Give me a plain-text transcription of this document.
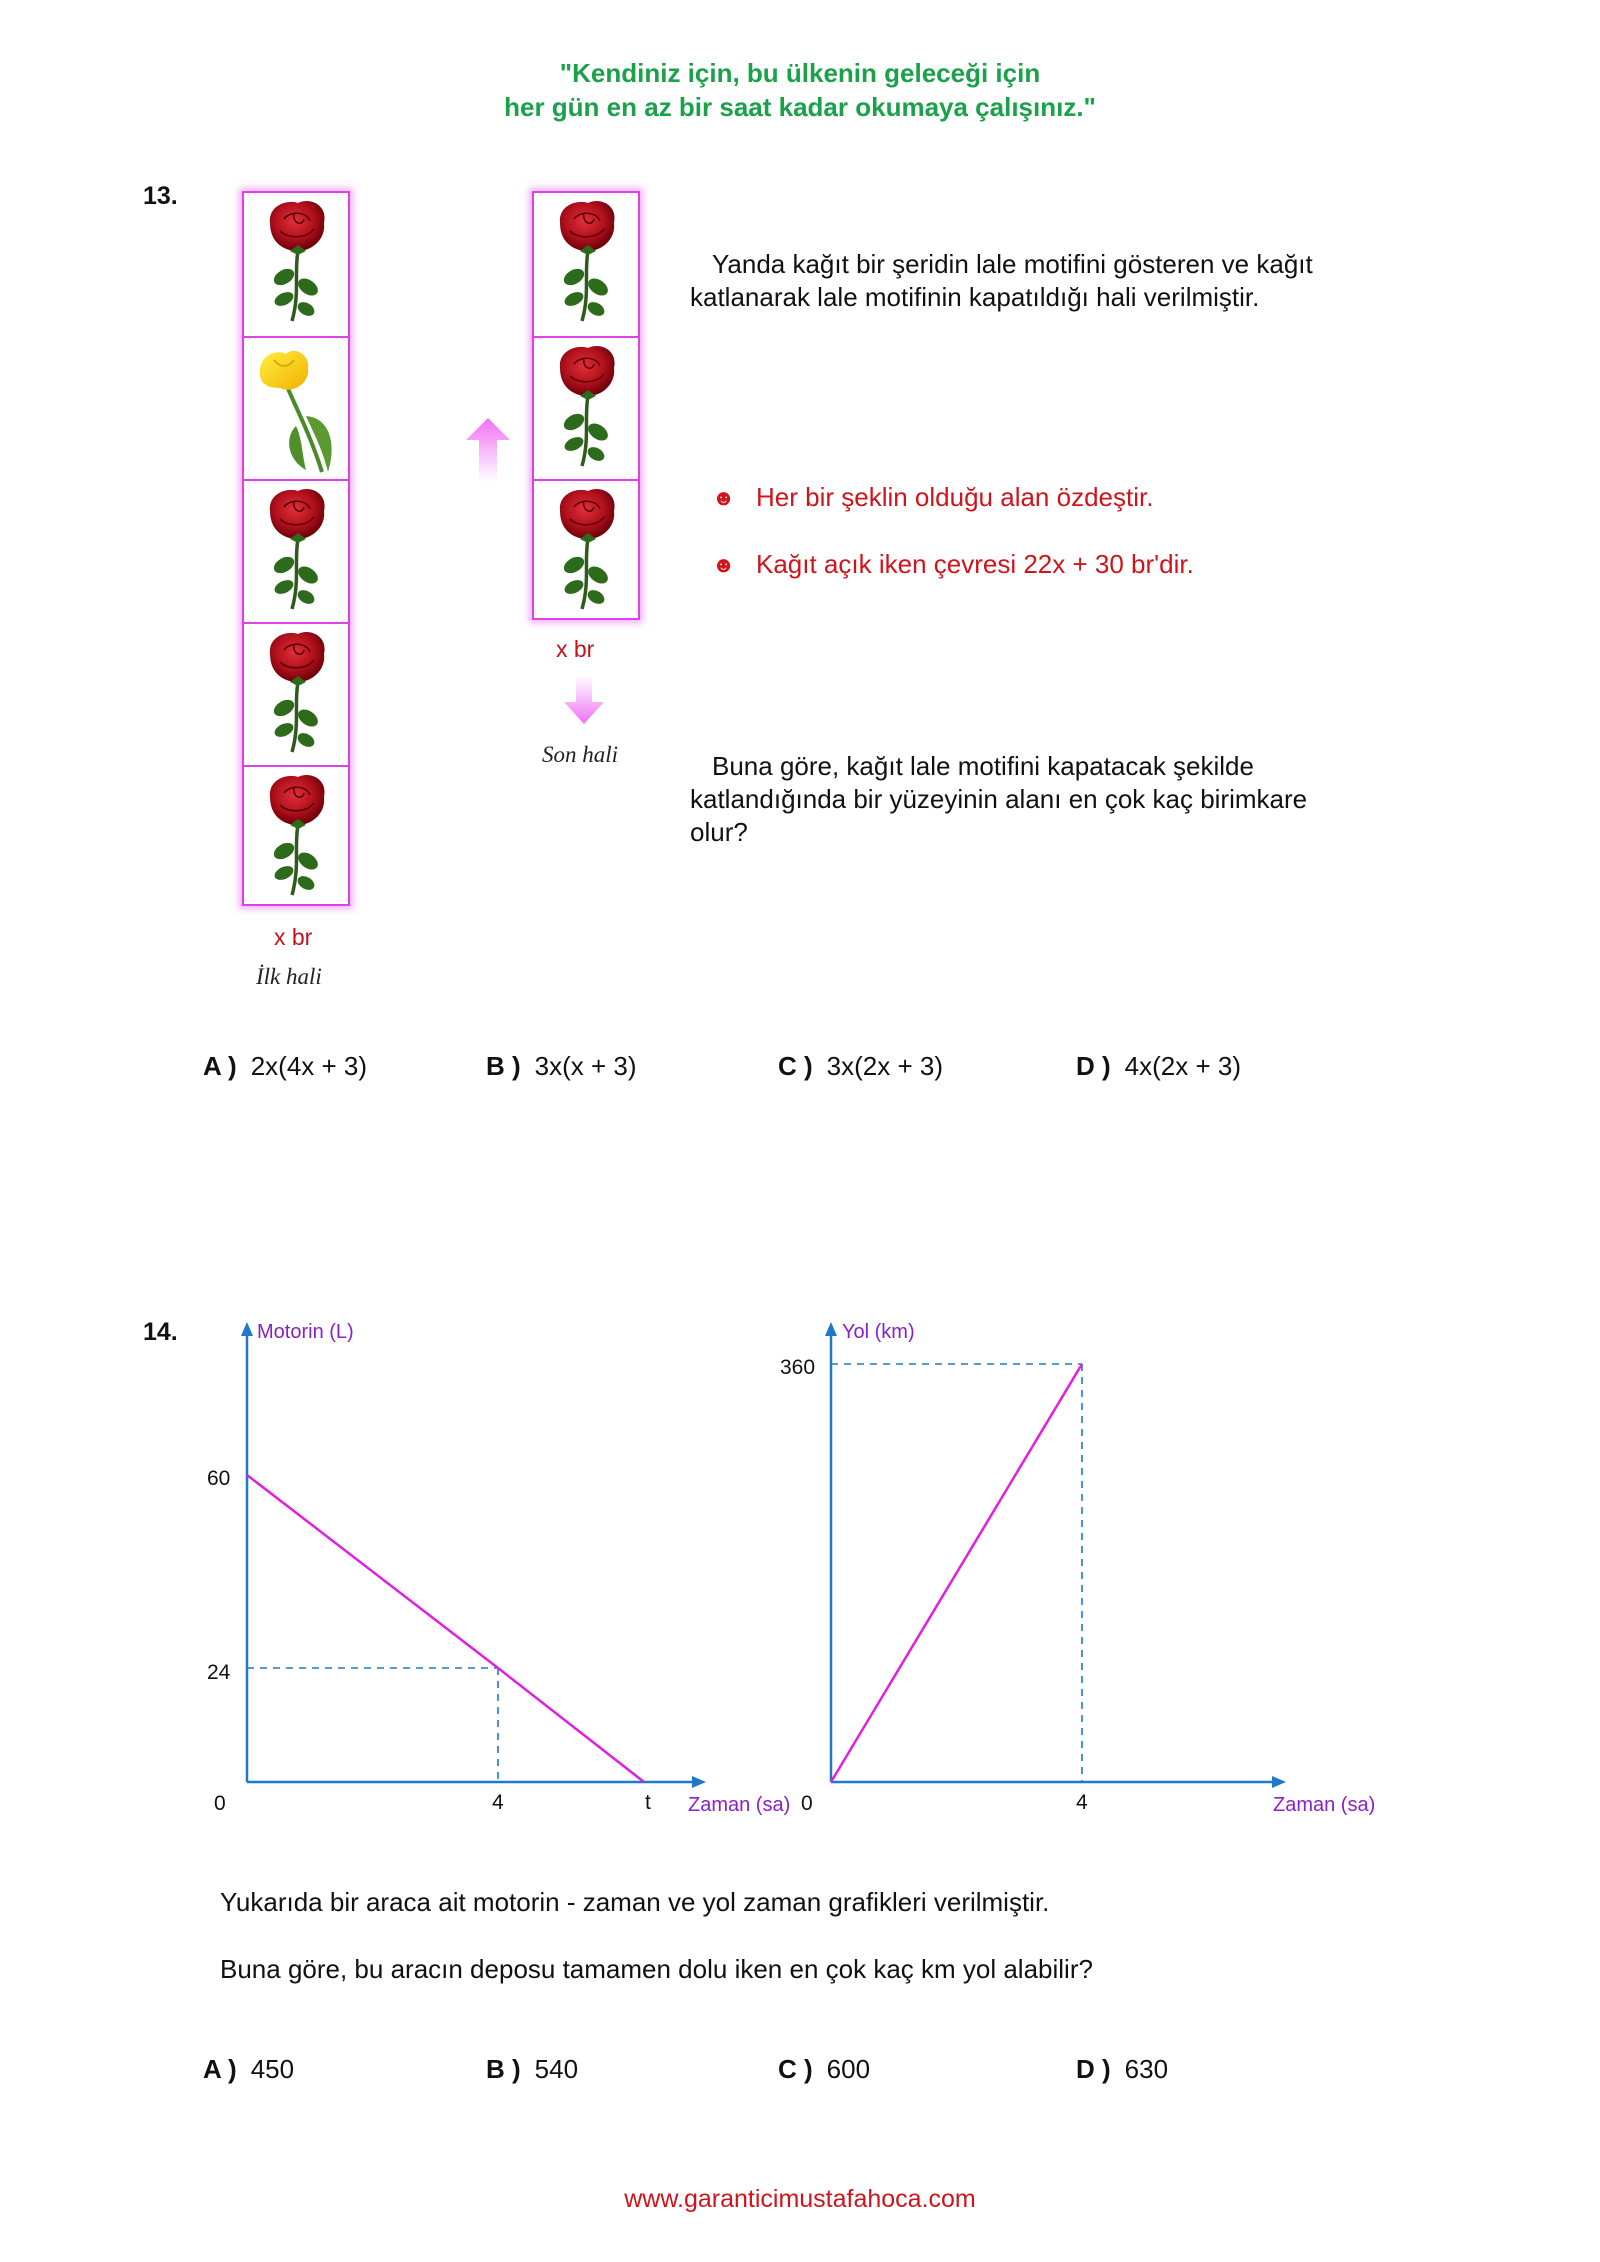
"Kendiniz için, bu ülkenin geleceği için
her gün en az bir saat kadar okumaya çalışınız."
13.
x br
İlk hali
x br
Son hali
Yanda kağıt bir şeridin lale motifini gösteren ve kağıt katlanarak lale motifinin kapatıldığı hali verilmiştir.
☻ Her bir şeklin olduğu alan özdeştir.
☻ Kağıt açık iken çevresi 22x + 30 br'dir.
Buna göre, kağıt lale motifini kapatacak şekilde katlandığında bir yüzeyinin alanı en çok kaç birimkare olur?
A ) 2x(4x + 3)	B ) 3x(x + 3)	C ) 3x(2x + 3)	D ) 4x(2x + 3)
14.	Motorin (L)
Zaman (sa)
0
60
24
4	t
Yol (km)
Zaman (sa)
0
360
4
Yukarıda bir araca ait motorin - zaman ve yol zaman grafikleri verilmiştir.
Buna göre, bu aracın deposu tamamen dolu iken en çok kaç km yol alabilir?
A ) 450	B ) 540	C ) 600	D ) 630
www.garanticimustafahoca.com
